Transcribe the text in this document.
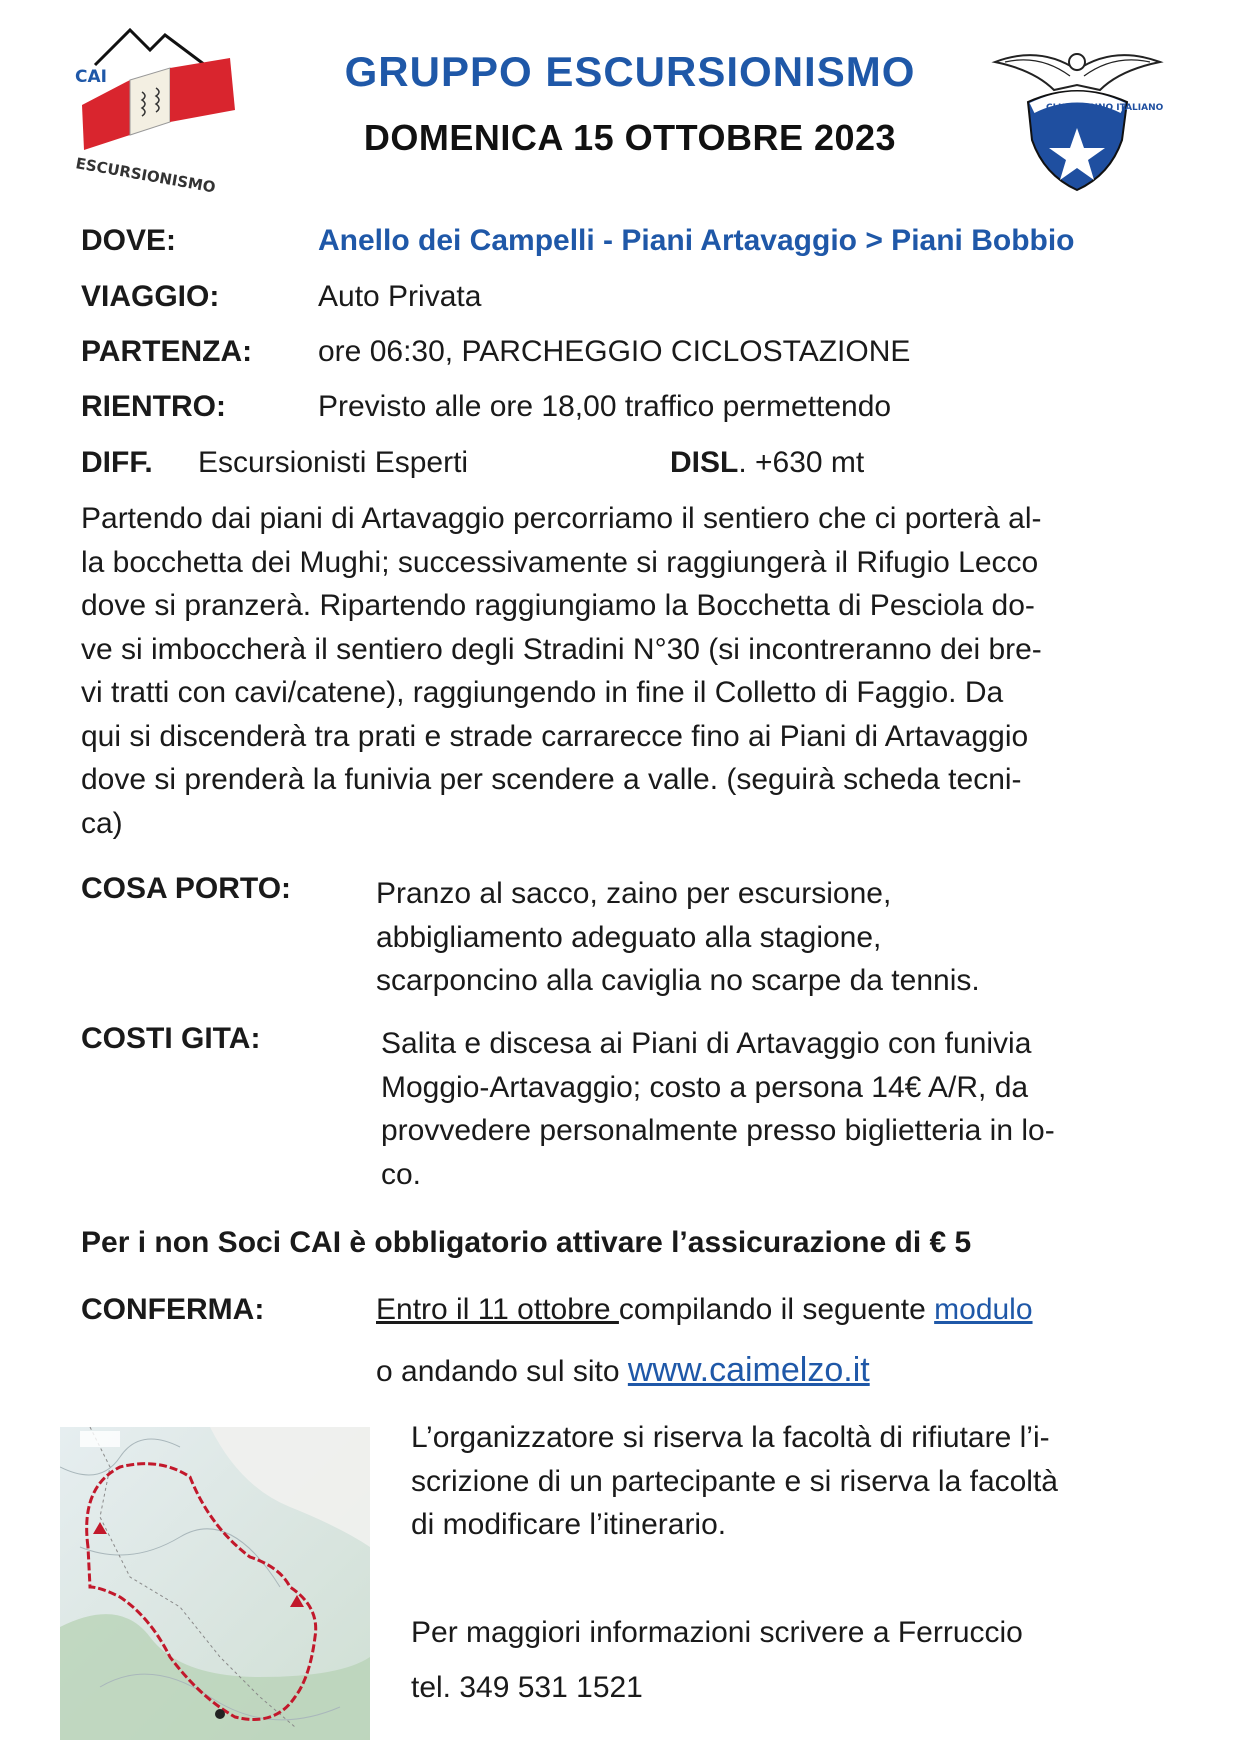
CAI
ESCURSIONISMO
CLUB ALPINO ITALIANO
GRUPPO ESCURSIONISMO
DOMENICA 15 OTTOBRE 2023
DOVE:	Anello dei Campelli - Piani Artavaggio > Piani Bobbio
VIAGGIO:	Auto Privata
PARTENZA: ore 06:30, PARCHEGGIO CICLOSTAZIONE
RIENTRO:	Previsto alle ore 18,00 traffico permettendo
DIFF. Escursionisti Esperti	DISL. +630 mt
Partendo dai piani di Artavaggio percorriamo il sentiero che ci porterà al-
la bocchetta dei Mughi; successivamente si raggiungerà il Rifugio Lecco
dove si pranzerà. Ripartendo raggiungiamo la Bocchetta di Pesciola do-
ve si imboccherà il sentiero degli Stradini N°30 (si incontreranno dei bre-
vi tratti con cavi/catene), raggiungendo in fine il Colletto di Faggio. Da
qui si discenderà tra prati e strade carrarecce fino ai Piani di Artavaggio
dove si prenderà la funivia per scendere a valle. (seguirà scheda tecni-
ca)
COSA PORTO:	Pranzo al sacco, zaino per escursione,
abbigliamento adeguato alla stagione,
scarponcino alla caviglia no scarpe da tennis.
COSTI GITA:	Salita e discesa ai Piani di Artavaggio con funivia
Moggio-Artavaggio; costo a persona 14€ A/R, da
provvedere personalmente presso biglietteria in lo-
co.
Per i non Soci CAI è obbligatorio attivare l’assicurazione di € 5
CONFERMA:	Entro il 11 ottobre compilando il seguente modulo
o andando sul sito www.caimelzo.it
L’organizzatore si riserva la facoltà di rifiutare l’i-
scrizione di un partecipante e si riserva la facoltà
di modificare l’itinerario.
Per maggiori informazioni scrivere a Ferruccio
tel. 349 531 1521
